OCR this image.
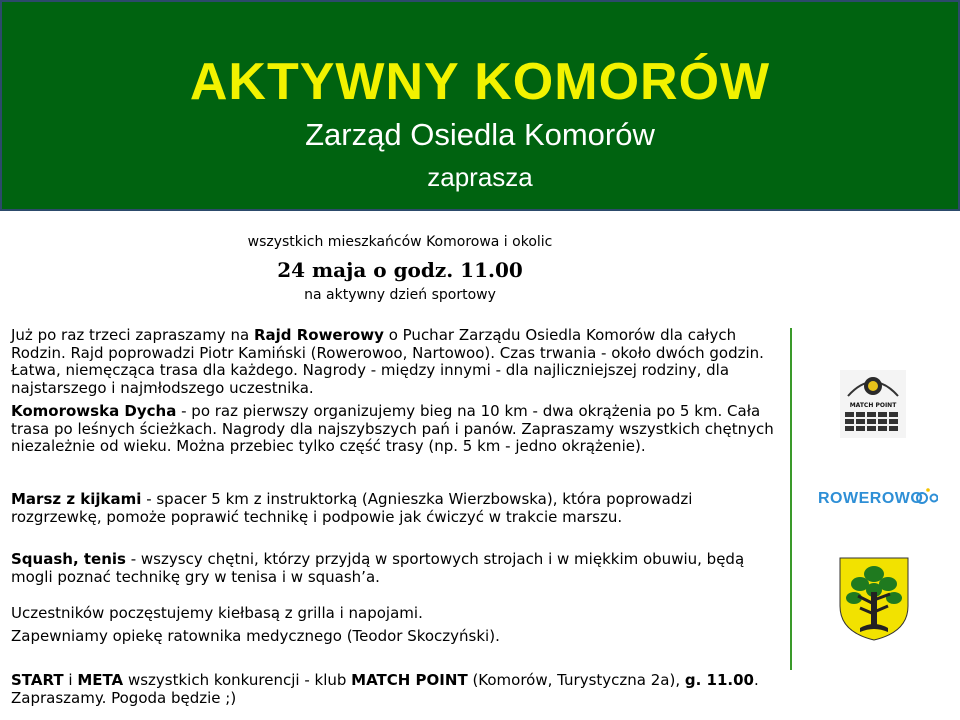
AKTYWNY KOMORÓW
Zarząd Osiedla Komorów
zaprasza
wszystkich mieszkańców Komorowa i okolic
24 maja o godz. 11.00
na aktywny dzień sportowy
Już po raz trzeci zapraszamy na Rajd Rowerowy o Puchar Zarządu Osiedla Komorów dla całych Rodzin. Rajd poprowadzi Piotr Kamiński (Rowerowoo, Nartowoo). Czas trwania - około dwóch godzin. Łatwa, niemęcząca trasa dla każdego. Nagrody - między innymi - dla najliczniejszej rodziny, dla najstarszego i najmłodszego uczestnika.
Komorowska Dycha - po raz pierwszy organizujemy bieg na 10 km - dwa okrążenia po 5 km. Cała trasa po leśnych ścieżkach. Nagrody dla najszybszych pań i panów. Zapraszamy wszystkich chętnych niezależnie od wieku. Można przebiec tylko część trasy (np. 5 km - jedno okrążenie).
Marsz z kijkami - spacer 5 km z instruktorką (Agnieszka Wierzbowska), która poprowadzi rozgrzewkę, pomoże poprawić technikę i podpowie jak ćwiczyć w trakcie marszu.
Squash, tenis - wszyscy chętni, którzy przyjdą w sportowych strojach i w miękkim obuwiu, będą mogli poznać technikę gry w tenisa i w squash’a.
Uczestników poczęstujemy kiełbasą z grilla i napojami.
Zapewniamy opiekę ratownika medycznego (Teodor Skoczyński).
START i META wszystkich konkurencji - klub MATCH POINT (Komorów, Turystyczna 2a), g. 11.00. Zapraszamy. Pogoda będzie ;)
MATCH POINT
ROWEROWO
